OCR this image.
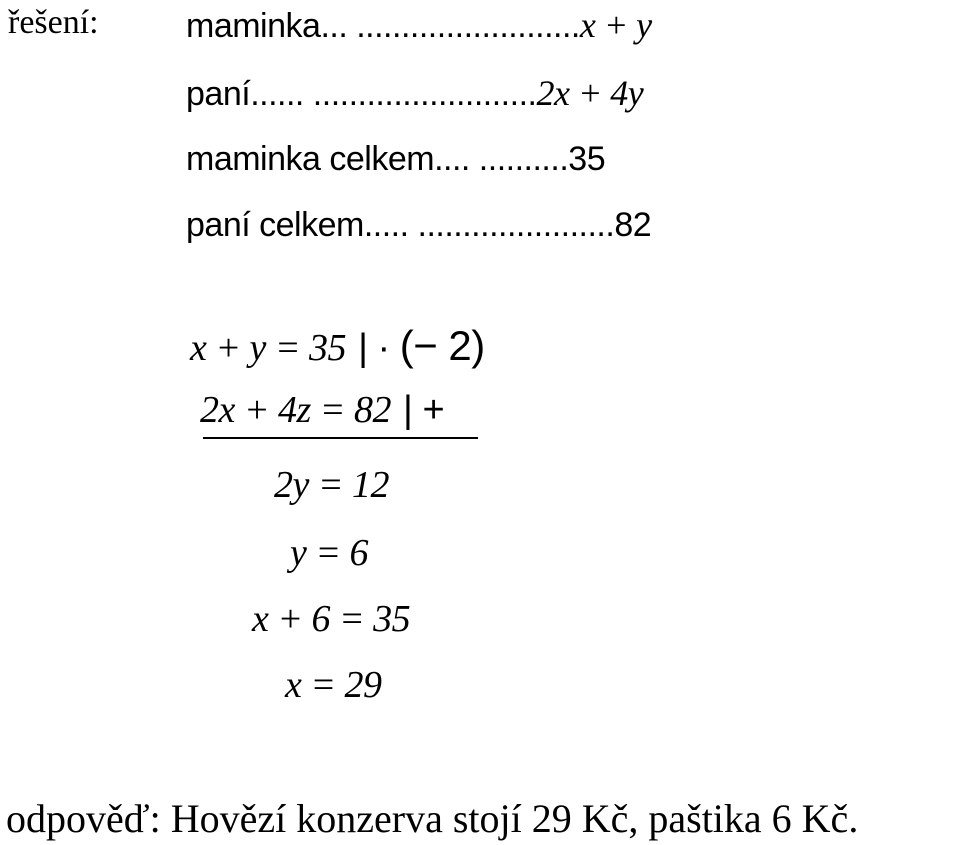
řešení:	maminka... .........................x + y
paní...... .........................2x + 4y
maminka celkem.... ..........35
paní celkem..... ......................82
x + y = 35 | · (− 2)
2x + 4z = 82 | +
2y = 12
y = 6
x + 6 = 35
x = 29
odpověď: Hovězí konzerva stojí 29 Kč, paštika 6 Kč.
